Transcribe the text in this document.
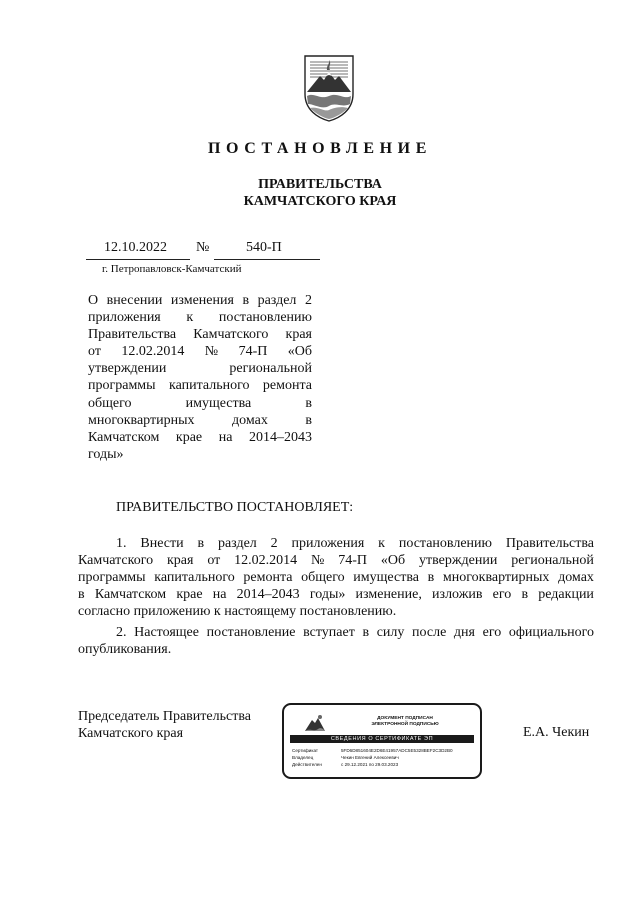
ПОСТАНОВЛЕНИЕ
ПРАВИТЕЛЬСТВА
КАМЧАТСКОГО КРАЯ
12.10.2022 №	540-П
г. Петропавловск-Камчатский
О внесении изменения в раздел 2
приложения к постановлению
Правительства Камчатского края
от 12.02.2014 № 74-П «Об
утверждении	региональной
программы капитального ремонта
общего	имущества	в
многоквартирных	домах	в
Камчатском крае на 2014–2043
годы»
ПРАВИТЕЛЬСТВО ПОСТАНОВЛЯЕТ:
1. Внести в раздел 2 приложения к постановлению Правительства
Камчатского края от 12.02.2014 № 74-П «Об утверждении региональной
программы капитального ремонта общего имущества в многоквартирных домах
в Камчатском крае на 2014–2043 годы» изменение, изложив его в редакции
согласно приложению к настоящему постановлению.
2. Настоящее постановление вступает в силу после дня его официального
опубликования.
Председатель Правительства
Камчатского края
ДОКУМЕНТ ПОДПИСАН
ЭЛЕКТРОННОЙ ПОДПИСЬЮ
СВЕДЕНИЯ О СЕРТИФИКАТЕ ЭП
Сертификат	5FD6D851604E2D6E41957ADC5E5328BEF2C3D2B0
Владелец	Чекин Евгений Алексеевич
Действителен	с 29.12.2021 по 29.03.2023
Е.А. Чекин
